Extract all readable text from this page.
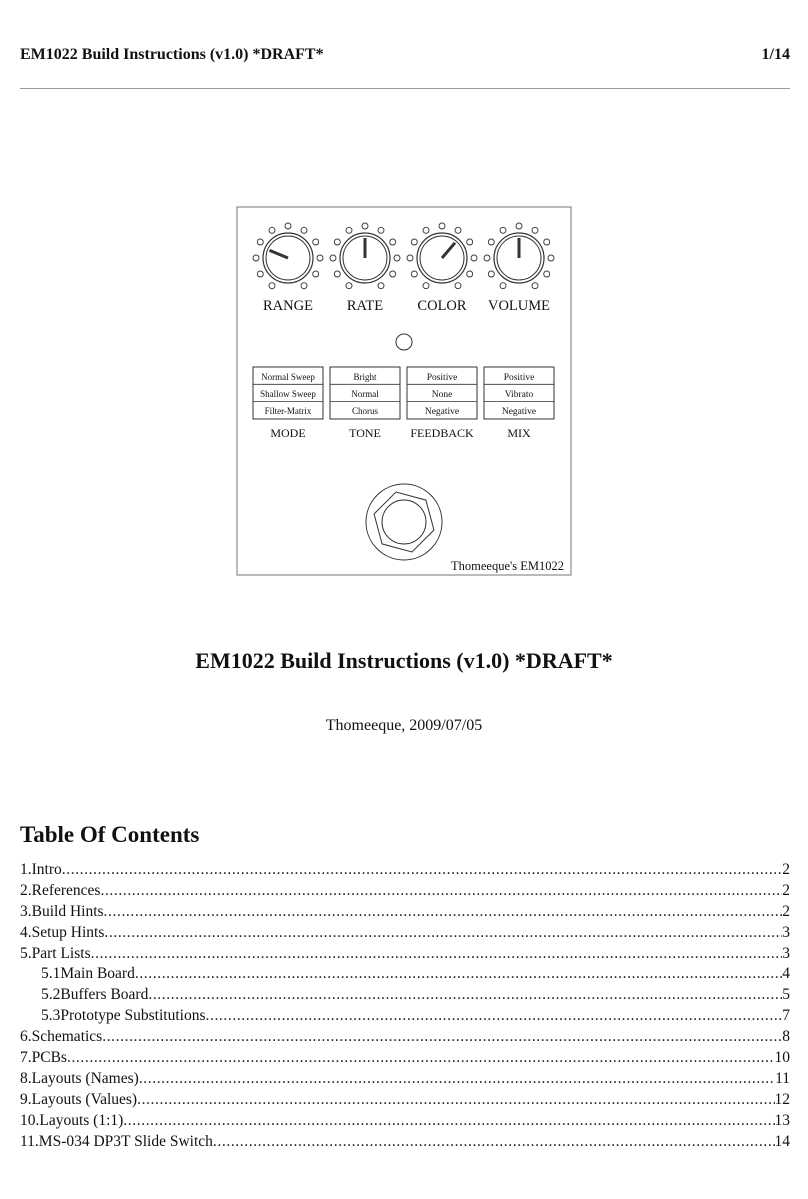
EM1022 Build Instructions (v1.0) *DRAFT*	1/14
RANGE RATE COLOR VOLUME
Normal Sweep
Shallow Sweep
Filter-Matrix
MODE
Bright
Normal
Chorus
TONE
Positive
None
Negative
FEEDBACK
Positive
Vibrato
Negative
MIX
Thomeeque's EM1022
EM1022 Build Instructions (v1.0) *DRAFT*
Thomeeque, 2009/07/05
Table Of Contents
1.Intro .....	2
2.References .....	2
3.Build Hints .....	2
4.Setup Hints .....	3
5.Part Lists .....	3
5.1Main Board .....	4
5.2Buffers Board .....	5
5.3Prototype Substitutions .....	7
6.Schematics .....	8
7.PCBs .....	10
8.Layouts (Names) .....	11
9.Layouts (Values) .....	12
10.Layouts (1:1) .....	13
11.MS-034 DP3T Slide Switch .....	14
